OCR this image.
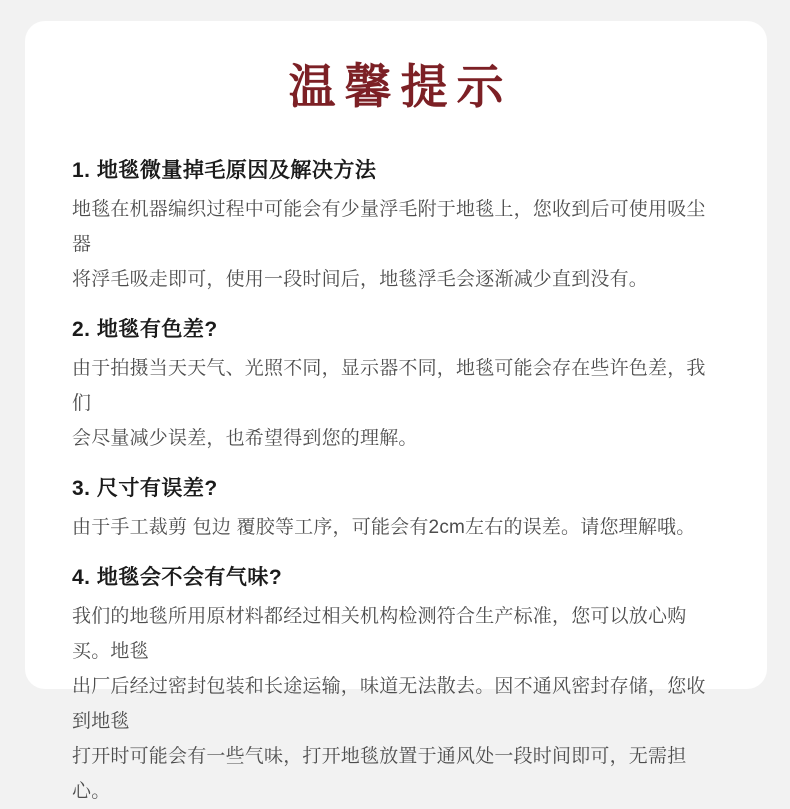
温馨提示
1. 地毯微量掉毛原因及解决方法

地毯在机器编织过程中可能会有少量浮毛附于地毯上，您收到后可使用吸尘器

将浮毛吸走即可，使用一段时间后，地毯浮毛会逐渐减少直到没有。

2. 地毯有色差?

由于拍摄当天天气、光照不同，显示器不同，地毯可能会存在些许色差，我们

会尽量减少误差，也希望得到您的理解。

3. 尺寸有误差?

由于手工裁剪 包边 覆胶等工序，可能会有2cm左右的误差。请您理解哦。

4. 地毯会不会有气味?

我们的地毯所用原材料都经过相关机构检测符合生产标准，您可以放心购买。地毯

出厂后经过密封包装和长途运输，味道无法散去。因不通风密封存储，您收到地毯

打开时可能会有一些气味，打开地毯放置于通风处一段时间即可，无需担心。
